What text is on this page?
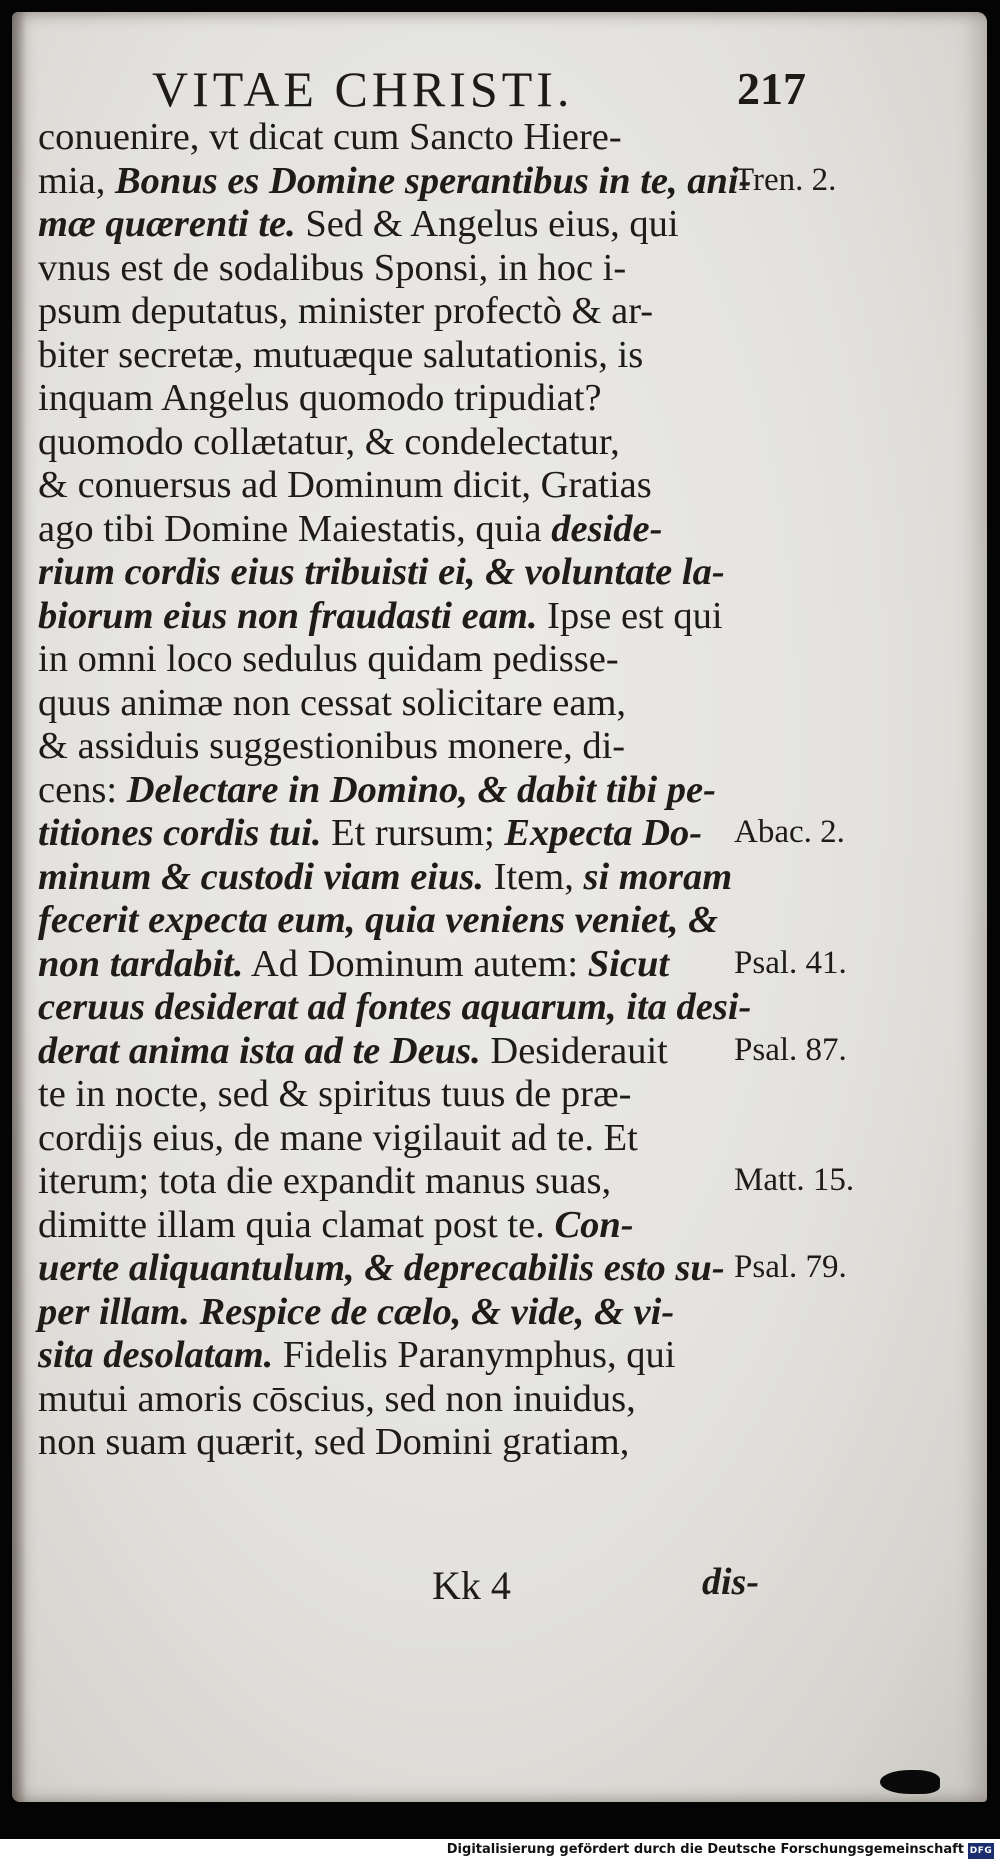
VITAE CHRISTI.	217
conuenire, vt dicat cum Sancto Hiere-
mia, Bonus es Domine sperantibus in te, ani-
mæ quærenti te. Sed & Angelus eius, qui
vnus est de sodalibus Sponsi, in hoc i-
psum deputatus, minister profectò & ar-
biter secretæ, mutuæque salutationis, is
inquam Angelus quomodo tripudiat?
quomodo collætatur, & condelectatur,
& conuersus ad Dominum dicit, Gratias
ago tibi Domine Maiestatis, quia deside-
rium cordis eius tribuisti ei, & voluntate la-
biorum eius non fraudasti eam. Ipse est qui
in omni loco sedulus quidam pedisse-
quus animæ non cessat solicitare eam,
& assiduis suggestionibus monere, di-
cens: Delectare in Domino, & dabit tibi pe-
titiones cordis tui. Et rursum; Expecta Do-
minum & custodi viam eius. Item, si moram
fecerit expecta eum, quia veniens veniet, &
non tardabit. Ad Dominum autem: Sicut
ceruus desiderat ad fontes aquarum, ita desi-
derat anima ista ad te Deus. Desiderauit
te in nocte, sed & spiritus tuus de præ-
cordijs eius, de mane vigilauit ad te. Et
iterum; tota die expandit manus suas,
dimitte illam quia clamat post te. Con-
uerte aliquantulum, & deprecabilis esto su-
per illam. Respice de cælo, & vide, & vi-
sita desolatam. Fidelis Paranymphus, qui
mutui amoris cōscius, sed non inuidus,
non suam quærit, sed Domini gratiam,
Tren. 2.
Abac. 2.
Psal. 41.
Psal. 87.
Matt. 15.
Psal. 79.
Kk 4	dis-
Digitalisierung gefördert durch die Deutsche Forschungsgemeinschaft DFG
